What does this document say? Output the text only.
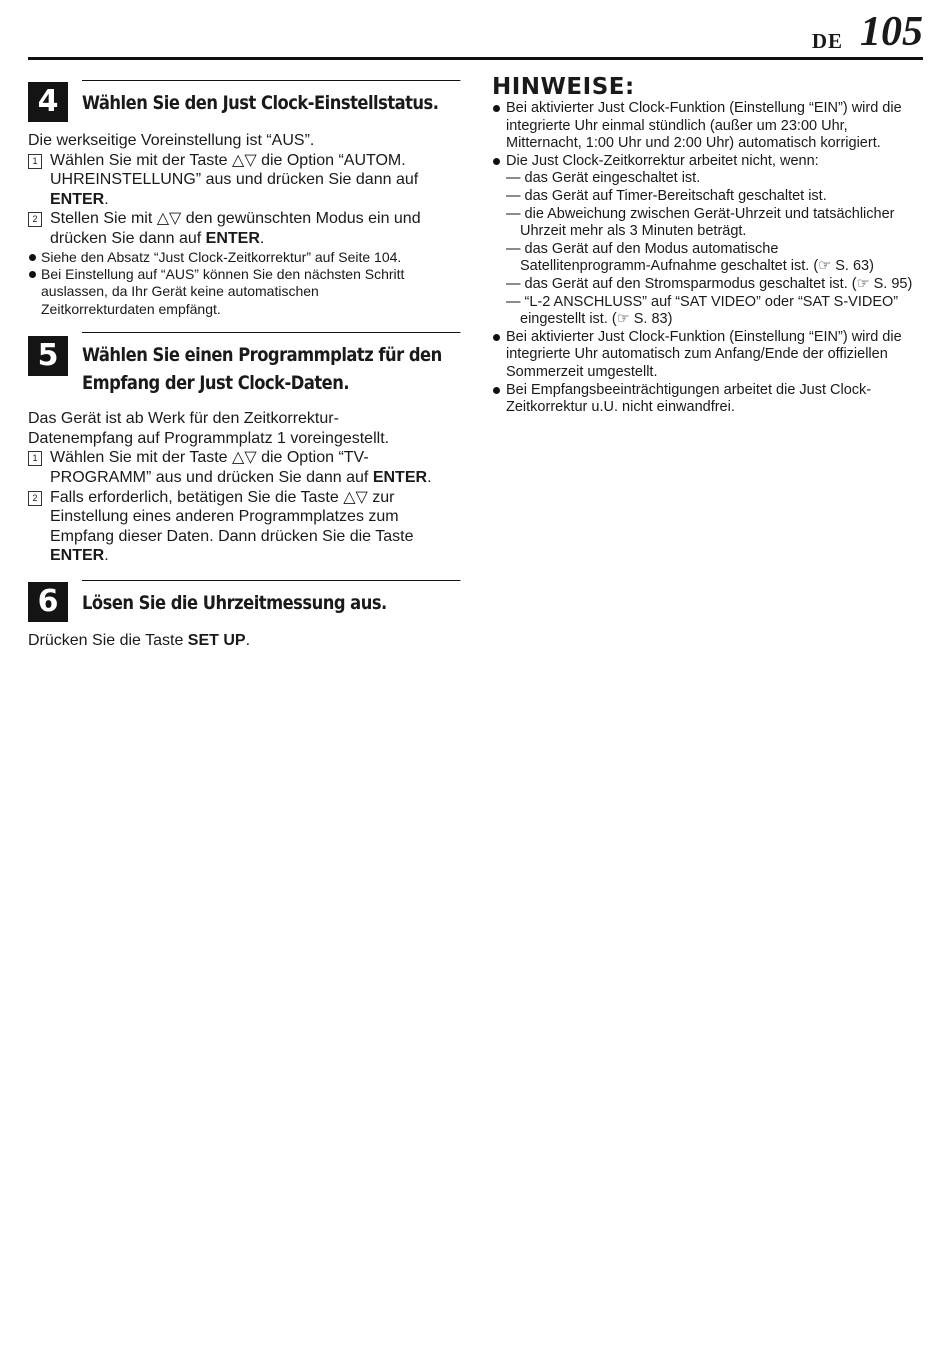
DE 105
4	Wählen Sie den Just Clock-Einstellstatus.

Die werkseitige Voreinstellung ist “AUS”.

1 Wählen Sie mit der Taste △▽ die Option “AUTOM.
UHREINSTELLUNG” aus und drücken Sie dann auf
ENTER.
2 Stellen Sie mit △▽ den gewünschten Modus ein und
drücken Sie dann auf ENTER.
Siehe den Absatz “Just Clock-Zeitkorrektur” auf Seite 104.
Bei Einstellung auf “AUS” können Sie den nächsten Schritt
auslassen, da Ihr Gerät keine automatischen
Zeitkorrekturdaten empfängt.
5	Wählen Sie einen Programmplatz für den
Empfang der Just Clock-Daten.

Das Gerät ist ab Werk für den Zeitkorrektur-
Datenempfang auf Programmplatz 1 voreingestellt.

1 Wählen Sie mit der Taste △▽ die Option “TV-
PROGRAMM” aus und drücken Sie dann auf ENTER.
2 Falls erforderlich, betätigen Sie die Taste △▽ zur
Einstellung eines anderen Programmplatzes zum
Empfang dieser Daten. Dann drücken Sie die Taste
ENTER.
6	Lösen Sie die Uhrzeitmessung aus.
Drücken Sie die Taste SET UP.
HINWEISE:
Bei aktivierter Just Clock-Funktion (Einstellung “EIN”) wird die
integrierte Uhr einmal stündlich (außer um 23:00 Uhr,
Mitternacht, 1:00 Uhr und 2:00 Uhr) automatisch korrigiert.
Die Just Clock-Zeitkorrektur arbeitet nicht, wenn:
— das Gerät eingeschaltet ist.
— das Gerät auf Timer-Bereitschaft geschaltet ist.
— die Abweichung zwischen Gerät-Uhrzeit und tatsächlicher
Uhrzeit mehr als 3 Minuten beträgt.
— das Gerät auf den Modus automatische
Satellitenprogramm-Aufnahme geschaltet ist. (☞ S. 63)
— das Gerät auf den Stromsparmodus geschaltet ist. (☞ S. 95)
— “L-2 ANSCHLUSS” auf “SAT VIDEO” oder “SAT S-VIDEO”
eingestellt ist. (☞ S. 83)
Bei aktivierter Just Clock-Funktion (Einstellung “EIN”) wird die
integrierte Uhr automatisch zum Anfang/Ende der offiziellen
Sommerzeit umgestellt.
Bei Empfangsbeeinträchtigungen arbeitet die Just Clock-
Zeitkorrektur u.U. nicht einwandfrei.
